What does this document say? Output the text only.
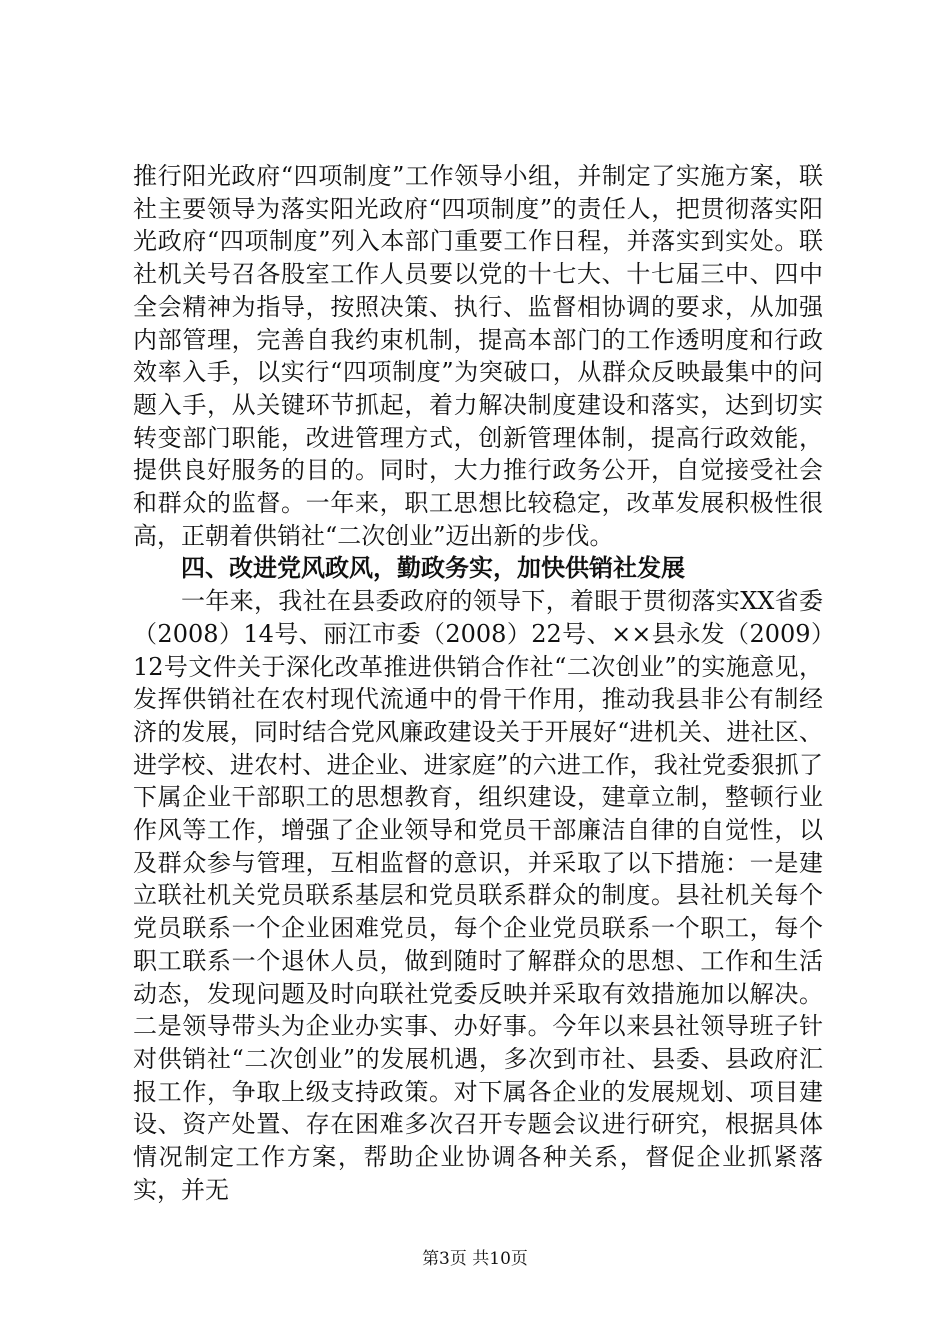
推行阳光政府“四项制度”工作领导小组，并制定了实施方案，联社主要领导为落实阳光政府“四项制度”的责任人，把贯彻落实阳光政府“四项制度”列入本部门重要工作日程，并落实到实处。联社机关号召各股室工作人员要以党的十七大、十七届三中、四中全会精神为指导，按照决策、执行、监督相协调的要求，从加强内部管理，完善自我约束机制，提高本部门的工作透明度和行政效率入手，以实行“四项制度”为突破口，从群众反映最集中的问题入手，从关键环节抓起，着力解决制度建设和落实，达到切实转变部门职能，改进管理方式，创新管理体制，提高行政效能，提供良好服务的目的。同时，大力推行政务公开，自觉接受社会和群众的监督。一年来，职工思想比较稳定，改革发展积极性很高，正朝着供销社“二次创业”迈出新的步伐。

四、改进党风政风，勤政务实，加快供销社发展

一年来，我社在县委政府的领导下，着眼于贯彻落实XX省委（2008）14号、丽江市委（2008）22号、××县永发（2009）12号文件关于深化改革推进供销合作社“二次创业”的实施意见，发挥供销社在农村现代流通中的骨干作用，推动我县非公有制经济的发展，同时结合党风廉政建设关于开展好“进机关、进社区、进学校、进农村、进企业、进家庭”的六进工作，我社党委狠抓了下属企业干部职工的思想教育，组织建设，建章立制，整顿行业作风等工作，增强了企业领导和党员干部廉洁自律的自觉性，以及群众参与管理，互相监督的意识，并采取了以下措施：一是建立联社机关党员联系基层和党员联系群众的制度。县社机关每个党员联系一个企业困难党员，每个企业党员联系一个职工，每个职工联系一个退休人员，做到随时了解群众的思想、工作和生活动态，发现问题及时向联社党委反映并采取有效措施加以解决。二是领导带头为企业办实事、办好事。今年以来县社领导班子针对供销社“二次创业”的发展机遇，多次到市社、县委、县政府汇报工作，争取上级支持政策。对下属各企业的发展规划、项目建设、资产处置、存在困难多次召开专题会议进行研究，根据具体情况制定工作方案，帮助企业协调各种关系，督促企业抓紧落实，并无

第3页 共10页
